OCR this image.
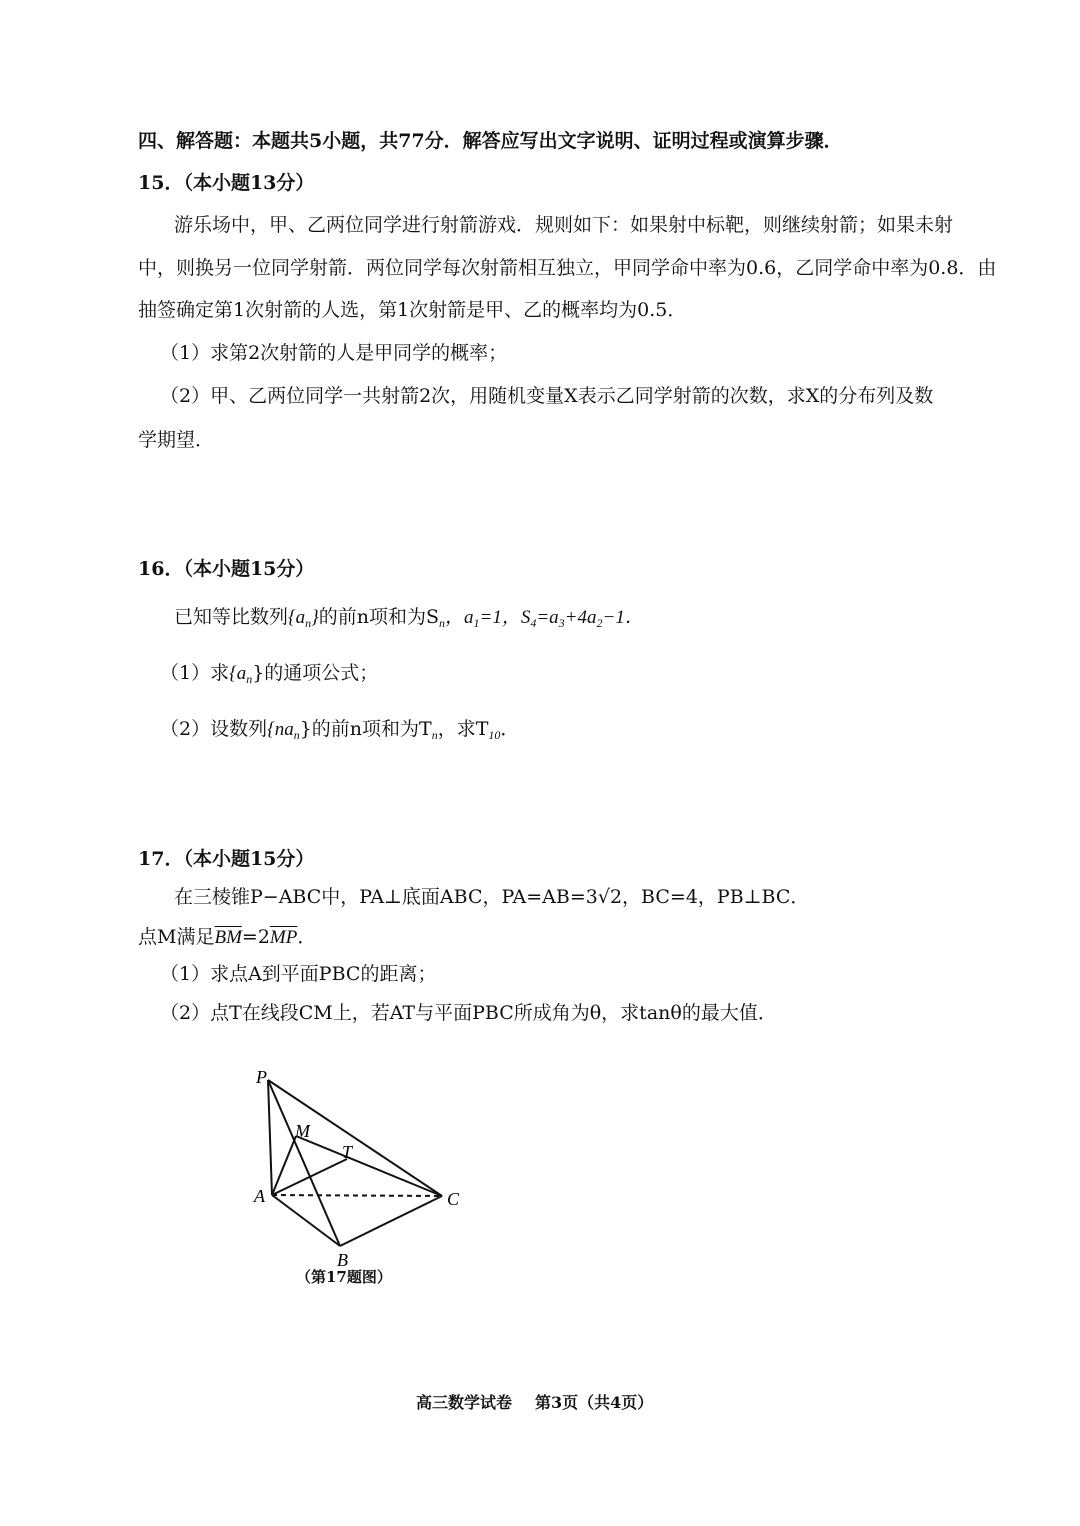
四、解答题：本题共5小题，共77分．解答应写出文字说明、证明过程或演算步骤．
15．（本小题13分）
游乐场中，甲、乙两位同学进行射箭游戏．规则如下：如果射中标靶，则继续射箭；如果未射
中，则换另一位同学射箭．两位同学每次射箭相互独立，甲同学命中率为0.6，乙同学命中率为0.8．由
抽签确定第1次射箭的人选，第1次射箭是甲、乙的概率均为0.5．
（1）求第2次射箭的人是甲同学的概率；
（2）甲、乙两位同学一共射箭2次，用随机变量X表示乙同学射箭的次数，求X的分布列及数
学期望．
16．（本小题15分）
已知等比数列$\{a_n\}$的前n项和为$S_n$，$a_1=1$，$S_4=a_3+4a_2-1$．
（1）求$\{a_n\}$的通项公式；
（2）设数列$\{na_n\}$的前n项和为$T_n$，求$T_{10}$．
17．（本小题15分）
在三棱锥P−ABC中，PA⊥底面ABC，PA=AB=3√2，BC=4，PB⊥BC．
点M满足$\overline{BM}=2\overline{MP}$．
（1）求点A到平面PBC的距离；
（2）点T在线段CM上，若AT与平面PBC所成角为θ，求tanθ的最大值．
P
M
T
A	C
B
（第17题图）
高三数学试卷 第3页（共4页）
